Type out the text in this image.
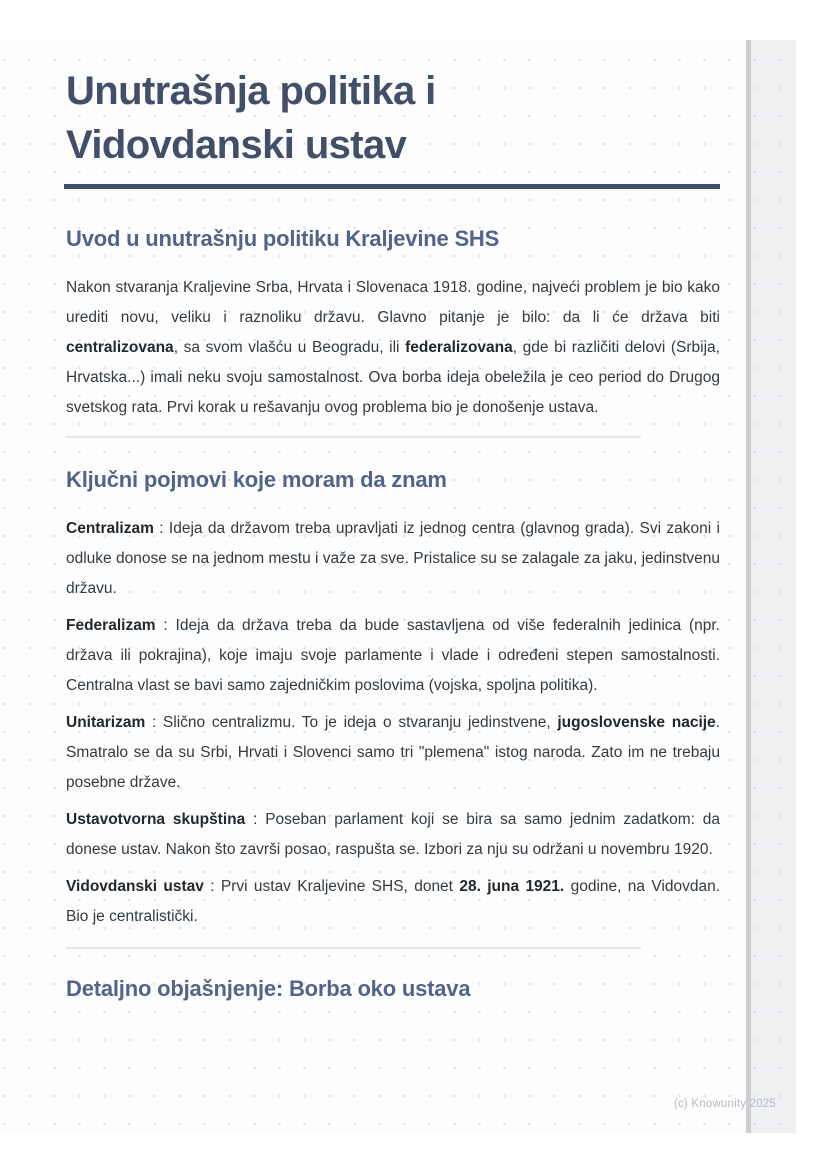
Unutrašnja politika i
Vidovdanski ustav
Uvod u unutrašnju politiku Kraljevine SHS

Nakon stvaranja Kraljevine Srba, Hrvata i Slovenaca 1918. godine, najveći problem je bio kako urediti novu, veliku i raznoliku državu. Glavno pitanje je bilo: da li će država biti centralizovana, sa svom vlašću u Beogradu, ili federalizovana, gde bi različiti delovi (Srbija, Hrvatska...) imali neku svoju samostalnost. Ova borba ideja obeležila je ceo period do Drugog svetskog rata. Prvi korak u rešavanju ovog problema bio je donošenje ustava.

Ključni pojmovi koje moram da znam

Centralizam : Ideja da državom treba upravljati iz jednog centra (glavnog grada). Svi zakoni i odluke donose se na jednom mestu i važe za sve. Pristalice su se zalagale za jaku, jedinstvenu državu.

Federalizam : Ideja da država treba da bude sastavljena od više federalnih jedinica (npr. država ili pokrajina), koje imaju svoje parlamente i vlade i određeni stepen samostalnosti. Centralna vlast se bavi samo zajedničkim poslovima (vojska, spoljna politika).

Unitarizam : Slično centralizmu. To je ideja o stvaranju jedinstvene, jugoslovenske nacije. Smatralo se da su Srbi, Hrvati i Slovenci samo tri "plemena" istog naroda. Zato im ne trebaju posebne države.

Ustavotvorna skupština : Poseban parlament koji se bira sa samo jednim zadatkom: da donese ustav. Nakon što završi posao, raspušta se. Izbori za nju su održani u novembru 1920.

Vidovdanski ustav : Prvi ustav Kraljevine SHS, donet 28. juna 1921. godine, na Vidovdan. Bio je centralistički.

Detaljno objašnjenje: Borba oko ustava
(c) Knowunity 2025
